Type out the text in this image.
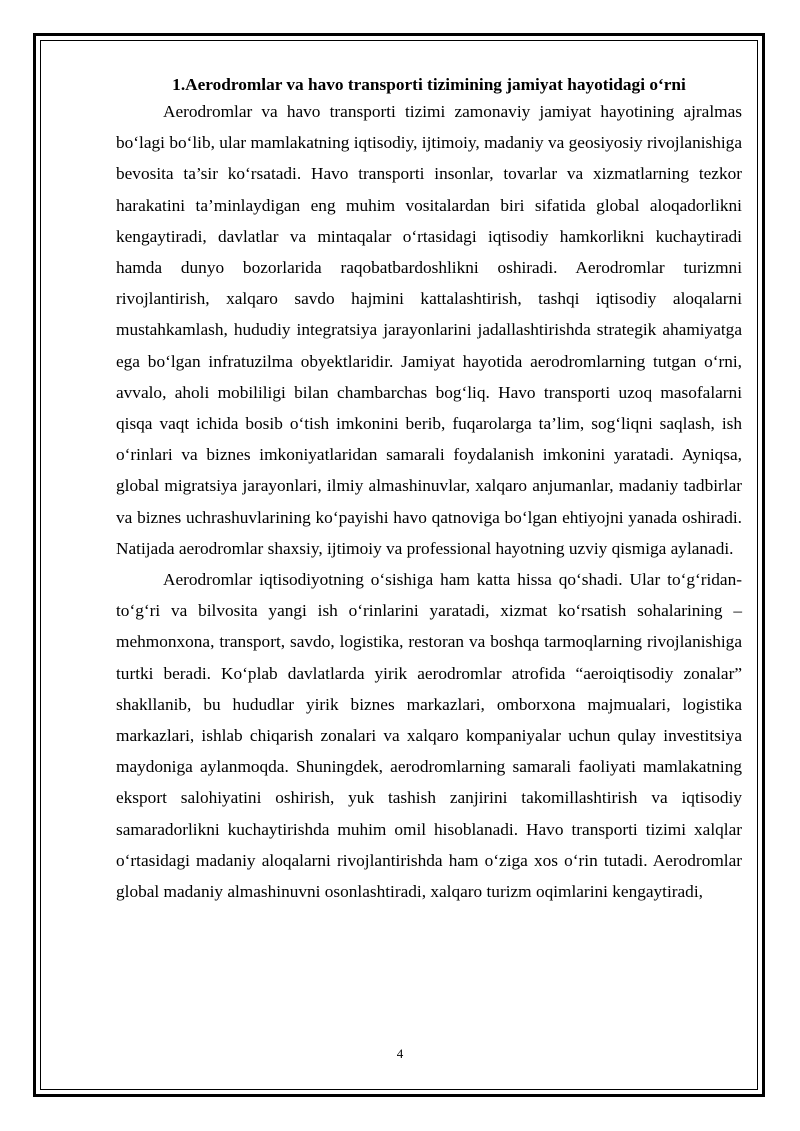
1.Aerodromlar va havo transporti tizimining jamiyat hayotidagi o‘rni

Aerodromlar va havo transporti tizimi zamonaviy jamiyat hayotining ajralmas bo‘lagi bo‘lib, ular mamlakatning iqtisodiy, ijtimoiy, madaniy va geosiyosiy rivojlanishiga bevosita ta’sir ko‘rsatadi. Havo transporti insonlar, tovarlar va xizmatlarning tezkor harakatini ta’minlaydigan eng muhim vositalardan biri sifatida global aloqadorlikni kengaytiradi, davlatlar va mintaqalar o‘rtasidagi iqtisodiy hamkorlikni kuchaytiradi hamda dunyo bozorlarida raqobatbardoshlikni oshiradi. Aerodromlar turizmni rivojlantirish, xalqaro savdo hajmini kattalashtirish, tashqi iqtisodiy aloqalarni mustahkamlash, hududiy integratsiya jarayonlarini jadallashtirishda strategik ahamiyatga ega bo‘lgan infratuzilma obyektlaridir. Jamiyat hayotida aerodromlarning tutgan o‘rni, avvalo, aholi mobililigi bilan chambarchas bog‘liq. Havo transporti uzoq masofalarni qisqa vaqt ichida bosib o‘tish imkonini berib, fuqarolarga ta’lim, sog‘liqni saqlash, ish o‘rinlari va biznes imkoniyatlaridan samarali foydalanish imkonini yaratadi. Ayniqsa, global migratsiya jarayonlari, ilmiy almashinuvlar, xalqaro anjumanlar, madaniy tadbirlar va biznes uchrashuvlarining ko‘payishi havo qatnoviga bo‘lgan ehtiyojni yanada oshiradi. Natijada aerodromlar shaxsiy, ijtimoiy va professional hayotning uzviy qismiga aylanadi.

Aerodromlar iqtisodiyotning o‘sishiga ham katta hissa qo‘shadi. Ular to‘g‘ridan-to‘g‘ri va bilvosita yangi ish o‘rinlarini yaratadi, xizmat ko‘rsatish sohalarining – mehmonxona, transport, savdo, logistika, restoran va boshqa tarmoqlarning rivojlanishiga turtki beradi. Ko‘plab davlatlarda yirik aerodromlar atrofida “aeroiqtisodiy zonalar” shakllanib, bu hududlar yirik biznes markazlari, omborxona majmualari, logistika markazlari, ishlab chiqarish zonalari va xalqaro kompaniyalar uchun qulay investitsiya maydoniga aylanmoqda. Shuningdek, aerodromlarning samarali faoliyati mamlakatning eksport salohiyatini oshirish, yuk tashish zanjirini takomillashtirish va iqtisodiy samaradorlikni kuchaytirishda muhim omil hisoblanadi. Havo transporti tizimi xalqlar o‘rtasidagi madaniy aloqalarni rivojlantirishda ham o‘ziga xos o‘rin tutadi. Aerodromlar global madaniy almashinuvni osonlashtiradi, xalqaro turizm oqimlarini kengaytiradi,

4
